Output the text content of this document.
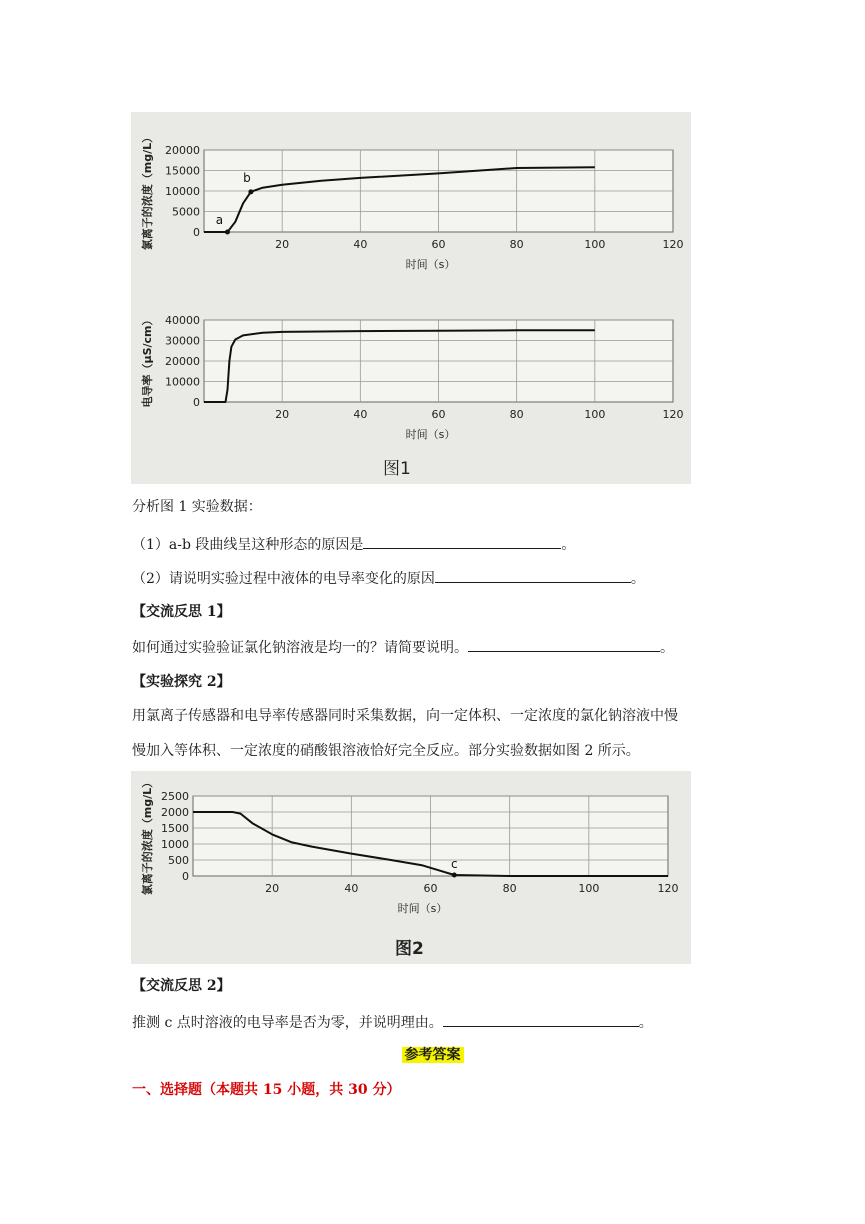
图1
0
5000
10000
15000
20000
20	40	60	80	100	120
a
b
时间（s）
氯离子的浓度（mg/L）
0
10000
20000
30000
40000
20	40	60	80	100	120
时间（s）
电导率（μS/cm）
分析图 1 实验数据：
（1）a-b 段曲线呈这种形态的原因是	。
（2）请说明实验过程中液体的电导率变化的原因	。
【交流反思 1】
如何通过实验验证氯化钠溶液是均一的？请简要说明。	。
【实验探究 2】
用氯离子传感器和电导率传感器同时采集数据，向一定体积、一定浓度的氯化钠溶液中慢
慢加入等体积、一定浓度的硝酸银溶液恰好完全反应。部分实验数据如图 2 所示。
图2
0
500
1000
1500
2000
2500
20	40	60	80	100	120
c
时间（s）
氯离子的浓度（mg/L）
【交流反思 2】
推测 c 点时溶液的电导率是否为零，并说明理由。	。
参考答案
一、选择题（本题共 15 小题，共 30 分）
